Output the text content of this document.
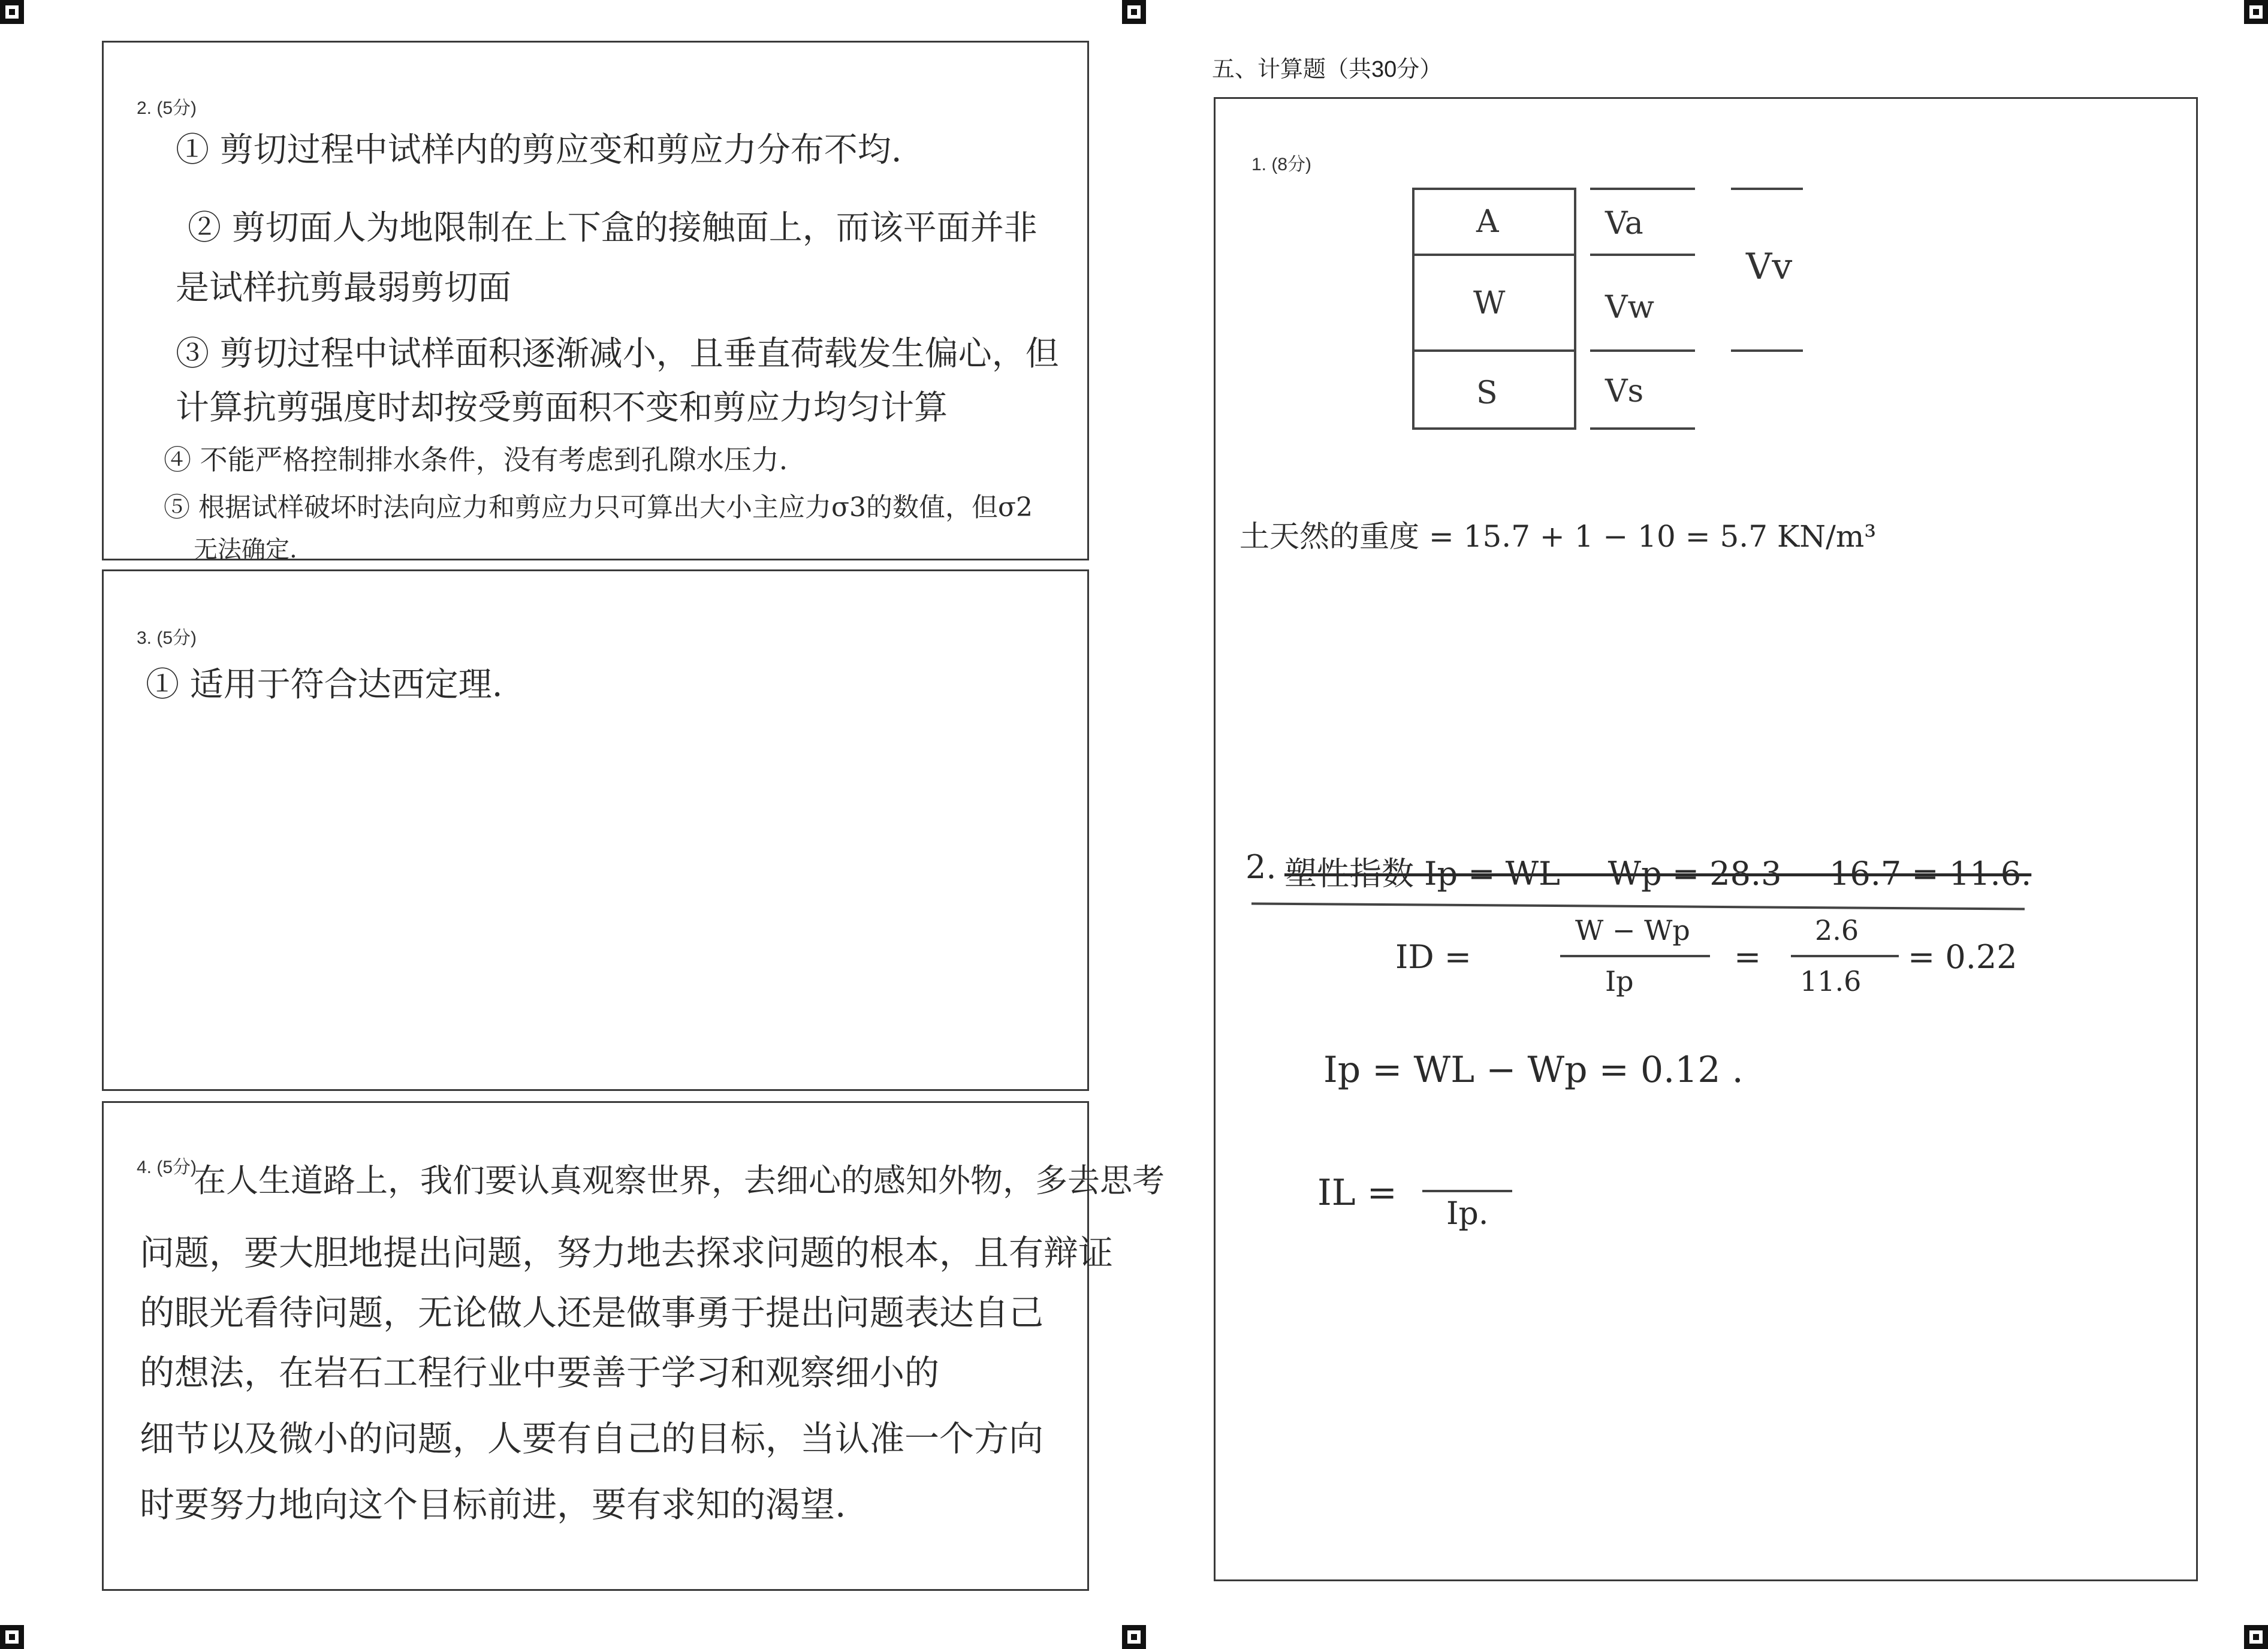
2. (5分)

① 剪切过程中试样内的剪应变和剪应力分布不均.

② 剪切面人为地限制在上下盒的接触面上，而该平面并非

是试样抗剪最弱剪切面

③ 剪切过程中试样面积逐渐减小，且垂直荷载发生偏心，但

计算抗剪强度时却按受剪面积不变和剪应力均匀计算

④ 不能严格控制排水条件，没有考虑到孔隙水压力.

⑤ 根据试样破坏时法向应力和剪应力只可算出大小主应力σ3的数值，但σ2

无法确定.

3. (5分)

① 适用于符合达西定理.

4. (5分)

在人生道路上，我们要认真观察世界，去细心的感知外物，多去思考

问题，要大胆地提出问题，努力地去探求问题的根本，且有辩证

的眼光看待问题，无论做人还是做事勇于提出问题表达自己

的想法，在岩石工程行业中要善于学习和观察细小的

细节以及微小的问题，人要有自己的目标，当认准一个方向

时要努力地向这个目标前进，要有求知的渴望.

五、计算题（共30分）
1. (8分)
A
W
S
Va
Vw
Vs
Vv

土天然的重度 = 15.7 + 1 − 10 = 5.7 KN/m³

2. 塑性指数 Ip = WL − Wp = 28.3 − 16.7 = 11.6.

ID =

W − Wp

Ip

=

2.6

11.6

= 0.22

Ip = WL − Wp = 0.12 .

IL = Ip.
